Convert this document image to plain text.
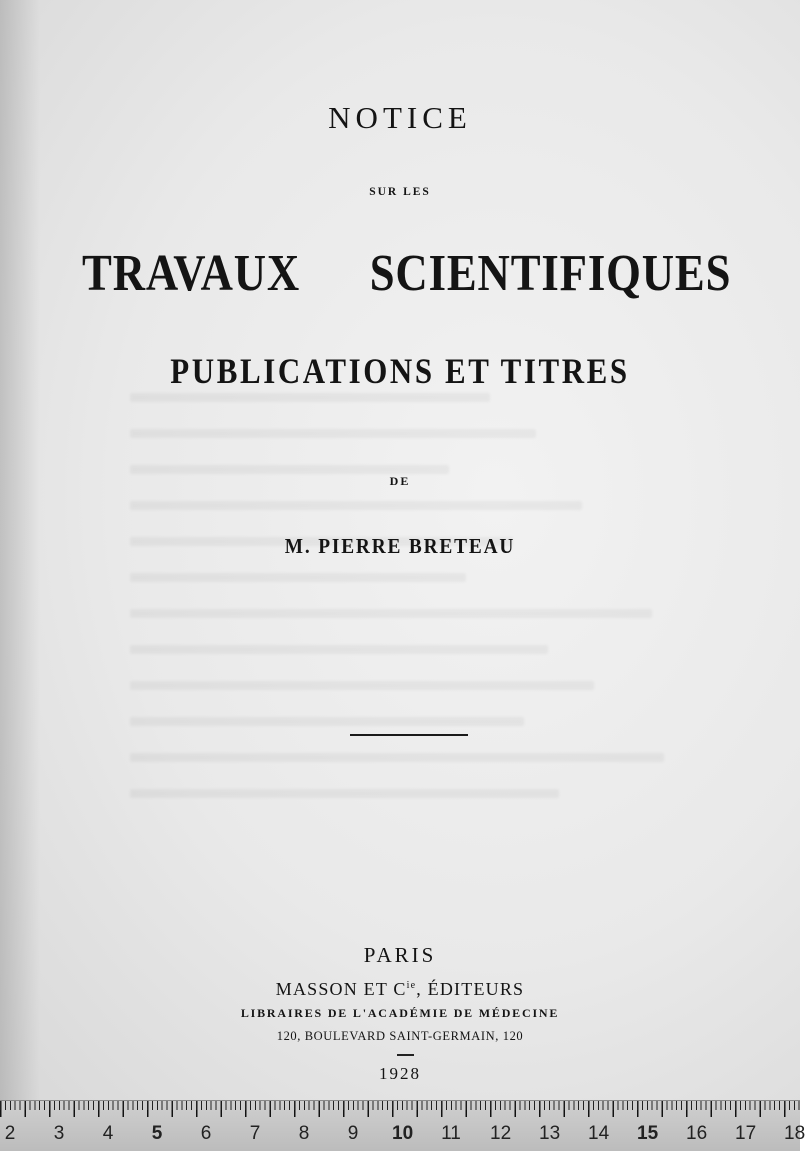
NOTICE
SUR LES
TRAVAUX SCIENTIFIQUES
PUBLICATIONS ET TITRES
DE
M. PIERRE BRETEAU
PARIS
MASSON ET $C^{ie}$, ÉDITEURS
LIBRAIRES DE L'ACADÉMIE DE MÉDECINE
120, BOULEVARD SAINT-GERMAIN, 120
1928
2 3 4 5 6 7 8 9 10 11 12 13 14 15 16 17 18
